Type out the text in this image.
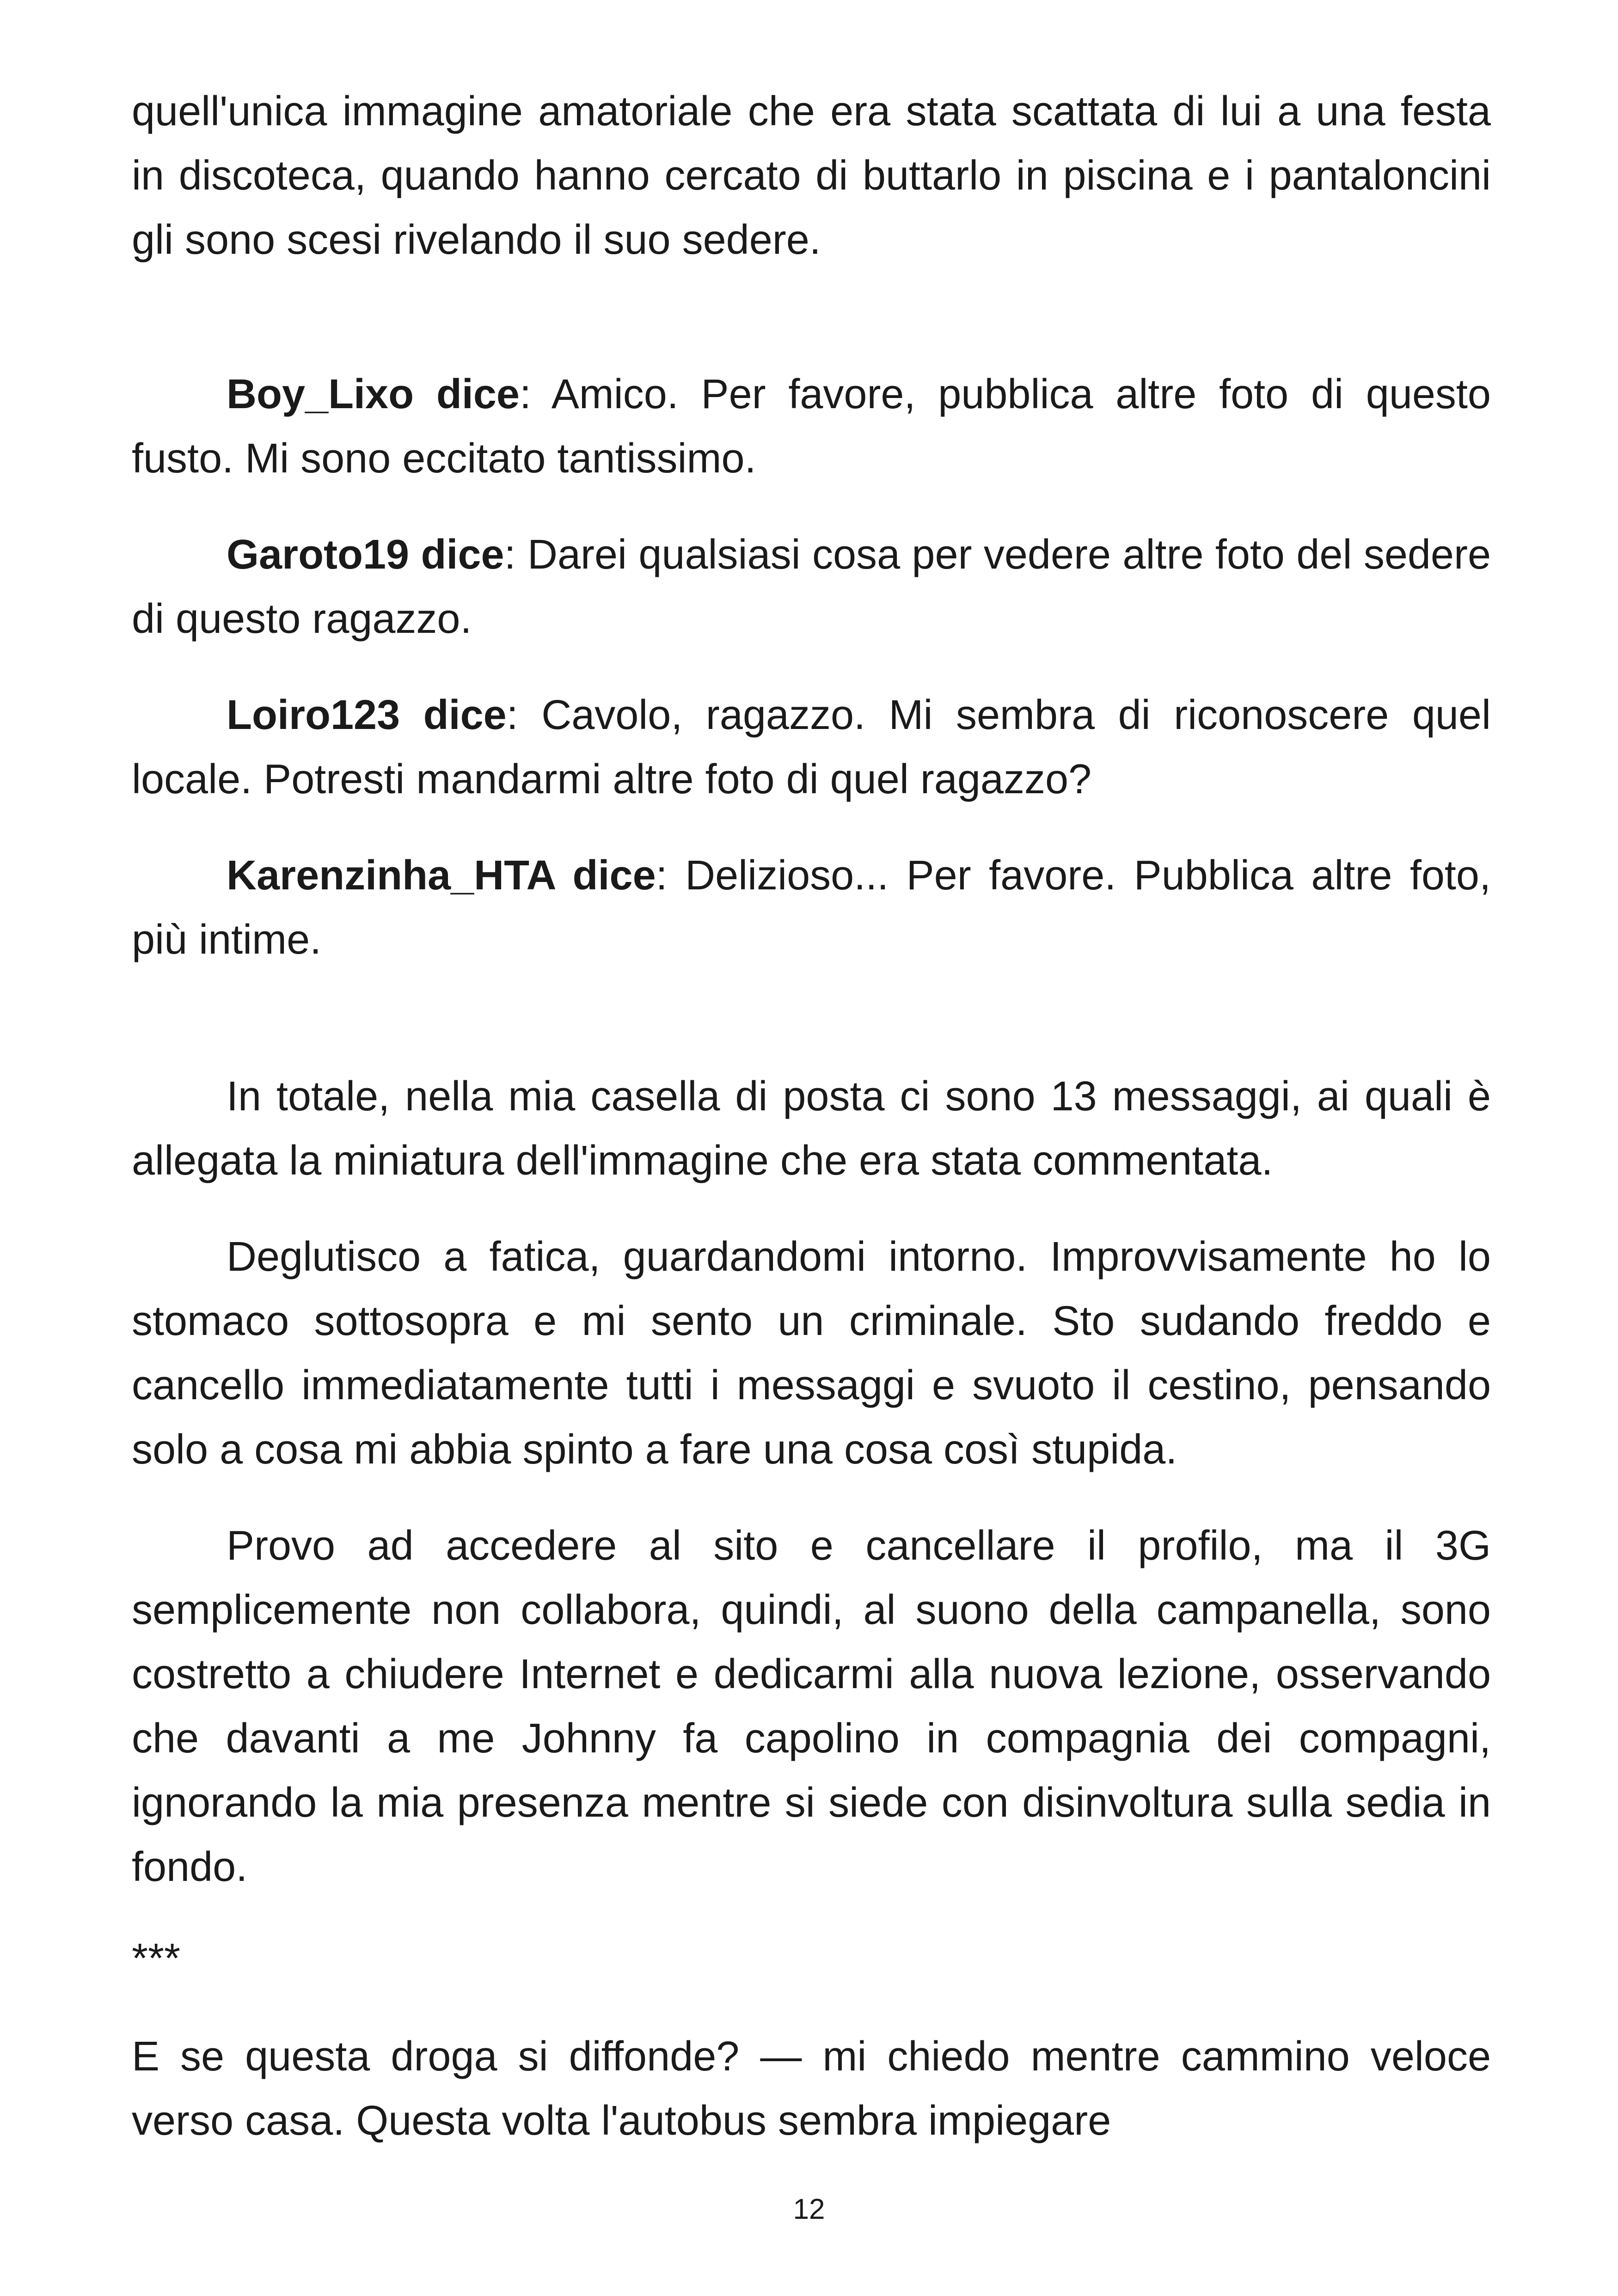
quell'unica immagine amatoriale che era stata scattata di lui a una festa in discoteca, quando hanno cercato di buttarlo in piscina e i pantaloncini gli sono scesi rivelando il suo sedere.

Boy_Lixo dice: Amico. Per favore, pubblica altre foto di questo fusto. Mi sono eccitato tantissimo.

Garoto19 dice: Darei qualsiasi cosa per vedere altre foto del sedere di questo ragazzo.

Loiro123 dice: Cavolo, ragazzo. Mi sembra di riconoscere quel locale. Potresti mandarmi altre foto di quel ragazzo?

Karenzinha_HTA dice: Delizioso... Per favore. Pubblica altre foto, più intime.

In totale, nella mia casella di posta ci sono 13 messaggi, ai quali è allegata la miniatura dell'immagine che era stata commentata.

Deglutisco a fatica, guardandomi intorno. Improvvisamente ho lo stomaco sottosopra e mi sento un criminale. Sto sudando freddo e cancello immediatamente tutti i messaggi e svuoto il cestino, pensando solo a cosa mi abbia spinto a fare una cosa così stupida.

Provo ad accedere al sito e cancellare il profilo, ma il 3G semplicemente non collabora, quindi, al suono della campanella, sono costretto a chiudere Internet e dedicarmi alla nuova lezione, osservando che davanti a me Johnny fa capolino in compagnia dei compagni, ignorando la mia presenza mentre si siede con disinvoltura sulla sedia in fondo.

***

E se questa droga si diffonde? — mi chiedo mentre cammino veloce verso casa. Questa volta l'autobus sembra impiegare

12
